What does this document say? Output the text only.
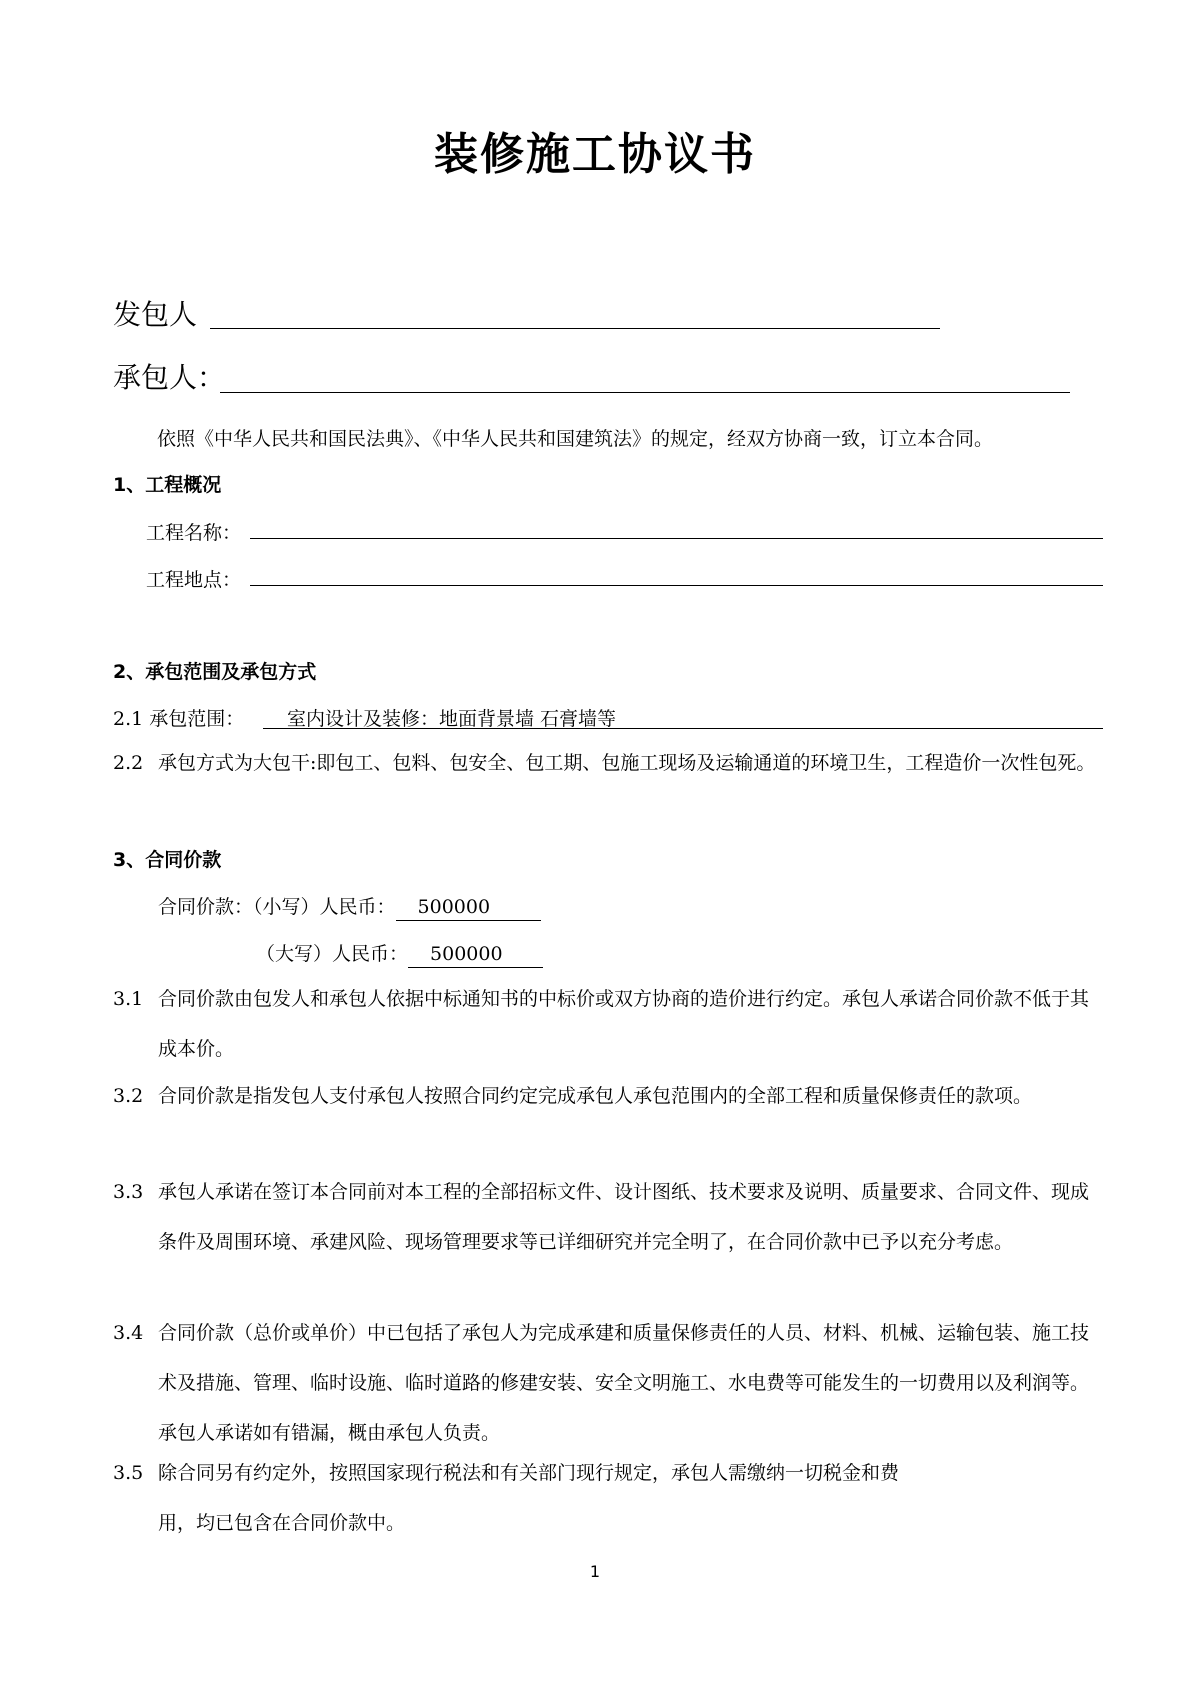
装修施工协议书
发包人
承包人：
依照《中华人民共和国民法典》、《中华人民共和国建筑法》的规定，经双方协商一致，订立本合同。
1、工程概况
工程名称：
工程地点：
2、承包范围及承包方式
2.1 承包范围： 室内设计及装修：地面背景墙 石膏墙等
2.2 承包方式为大包干:即包工、包料、包安全、包工期、包施工现场及运输通道的环境卫生，工程造价一次性包死。
3、合同价款
合同价款：（小写）人民币： 500000
（大写）人民币： 500000
3.1 合同价款由包发人和承包人依据中标通知书的中标价或双方协商的造价进行约定。承包人承诺合同价款不低于其成本价。
3.2 合同价款是指发包人支付承包人按照合同约定完成承包人承包范围内的全部工程和质量保修责任的款项。
3.3 承包人承诺在签订本合同前对本工程的全部招标文件、设计图纸、技术要求及说明、质量要求、合同文件、现成条件及周围环境、承建风险、现场管理要求等已详细研究并完全明了，在合同价款中已予以充分考虑。
3.4 合同价款（总价或单价）中已包括了承包人为完成承建和质量保修责任的人员、材料、机械、运输包装、施工技术及措施、管理、临时设施、临时道路的修建安装、安全文明施工、水电费等可能发生的一切费用以及利润等。承包人承诺如有错漏，概由承包人负责。
3.5 除合同另有约定外，按照国家现行税法和有关部门现行规定，承包人需缴纳一切税金和费用，均已包含在合同价款中。
1
